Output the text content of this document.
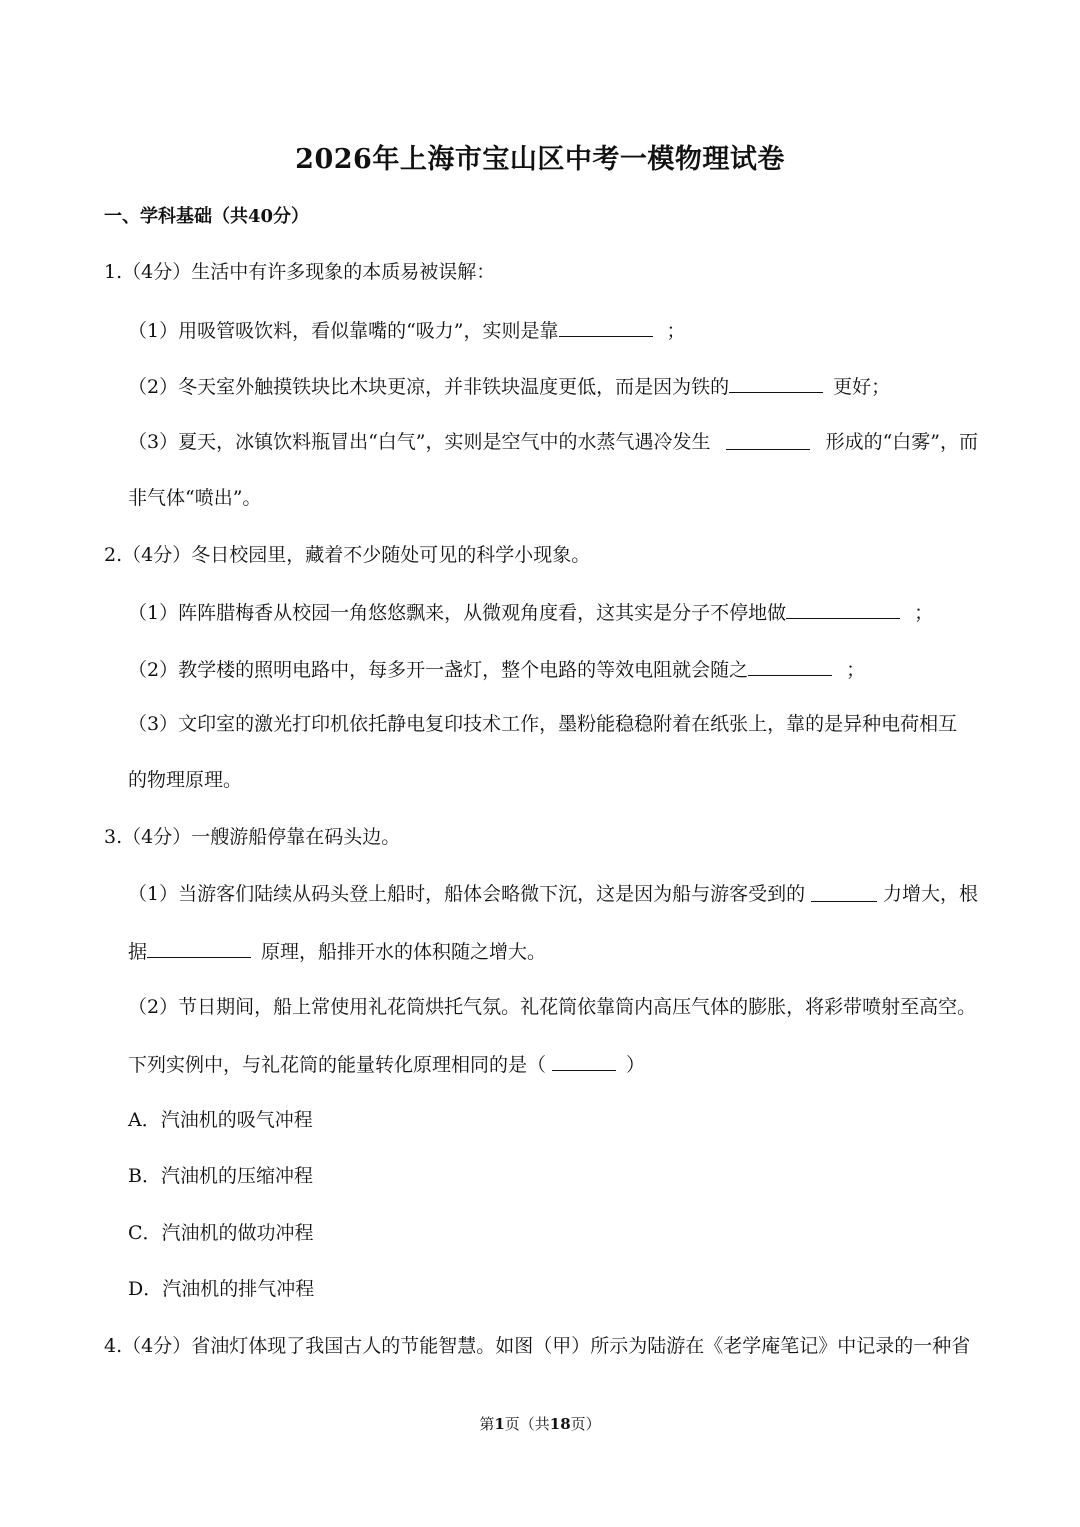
2026年上海市宝山区中考一模物理试卷
一、学科基础（共40分）
1.（4分）生活中有许多现象的本质易被误解：
（1）用吸管吸饮料，看似靠嘴的“吸力”，实则是靠	；
（2）冬天室外触摸铁块比木块更凉，并非铁块温度更低，而是因为铁的	更好；
（3）夏天，冰镇饮料瓶冒出“白气”，实则是空气中的水蒸气遇冷发生	形成的“白雾”，而
非气体“喷出”。
2.（4分）冬日校园里，藏着不少随处可见的科学小现象。
（1）阵阵腊梅香从校园一角悠悠飘来，从微观角度看，这其实是分子不停地做	；
（2）教学楼的照明电路中，每多开一盏灯，整个电路的等效电阻就会随之	；
（3）文印室的激光打印机依托静电复印技术工作，墨粉能稳稳附着在纸张上，靠的是异种电荷相互
的物理原理。
3.（4分）一艘游船停靠在码头边。
（1）当游客们陆续从码头登上船时，船体会略微下沉，这是因为船与游客受到的	力增大，根
据	原理，船排开水的体积随之增大。
（2）节日期间，船上常使用礼花筒烘托气氛。礼花筒依靠筒内高压气体的膨胀，将彩带喷射至高空。
下列实例中，与礼花筒的能量转化原理相同的是（	）
A．汽油机的吸气冲程
B．汽油机的压缩冲程
C．汽油机的做功冲程
D．汽油机的排气冲程
4.（4分）省油灯体现了我国古人的节能智慧。如图（甲）所示为陆游在《老学庵笔记》中记录的一种省
第1页（共18页）
